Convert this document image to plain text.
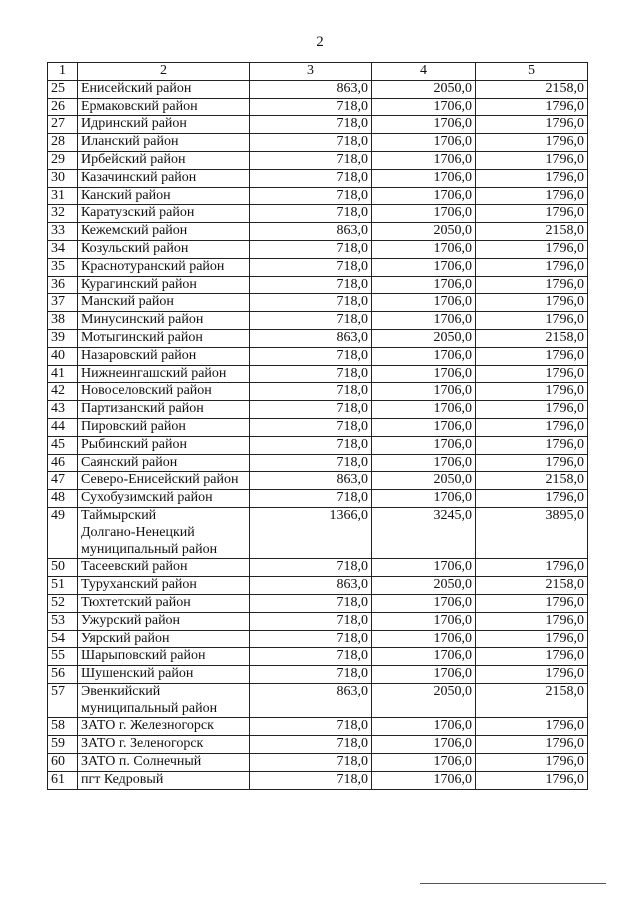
2
1	2	3	4	5
25	Енисейский район	863,0	2050,0	2158,0
26	Ермаковский район	718,0	1706,0	1796,0
27	Идринский район	718,0	1706,0	1796,0
28	Иланский район	718,0	1706,0	1796,0
29	Ирбейский район	718,0	1706,0	1796,0
30	Казачинский район	718,0	1706,0	1796,0
31	Канский район	718,0	1706,0	1796,0
32	Каратузский район	718,0	1706,0	1796,0
33	Кежемский район	863,0	2050,0	2158,0
34	Козульский район	718,0	1706,0	1796,0
35	Краснотуранский район	718,0	1706,0	1796,0
36	Курагинский район	718,0	1706,0	1796,0
37	Манский район	718,0	1706,0	1796,0
38	Минусинский район	718,0	1706,0	1796,0
39	Мотыгинский район	863,0	2050,0	2158,0
40	Назаровский район	718,0	1706,0	1796,0
41	Нижнеингашский район	718,0	1706,0	1796,0
42	Новоселовский район	718,0	1706,0	1796,0
43	Партизанский район	718,0	1706,0	1796,0
44	Пировский район	718,0	1706,0	1796,0
45	Рыбинский район	718,0	1706,0	1796,0
46	Саянский район	718,0	1706,0	1796,0
47	Северо-Енисейский район	863,0	2050,0	2158,0
48	Сухобузимский район	718,0	1706,0	1796,0
49	Таймырский
Долгано-Ненецкий
муниципальный район	1366,0	3245,0	3895,0
50	Тасеевский район	718,0	1706,0	1796,0
51	Туруханский район	863,0	2050,0	2158,0
52	Тюхтетский район	718,0	1706,0	1796,0
53	Ужурский район	718,0	1706,0	1796,0
54	Уярский район	718,0	1706,0	1796,0
55	Шарыповский район	718,0	1706,0	1796,0
56	Шушенский район	718,0	1706,0	1796,0
57	Эвенкийский
муниципальный район	863,0	2050,0	2158,0
58	ЗАТО г. Железногорск	718,0	1706,0	1796,0
59	ЗАТО г. Зеленогорск	718,0	1706,0	1796,0
60	ЗАТО п. Солнечный	718,0	1706,0	1796,0
61	пгт Кедровый	718,0	1706,0	1796,0
